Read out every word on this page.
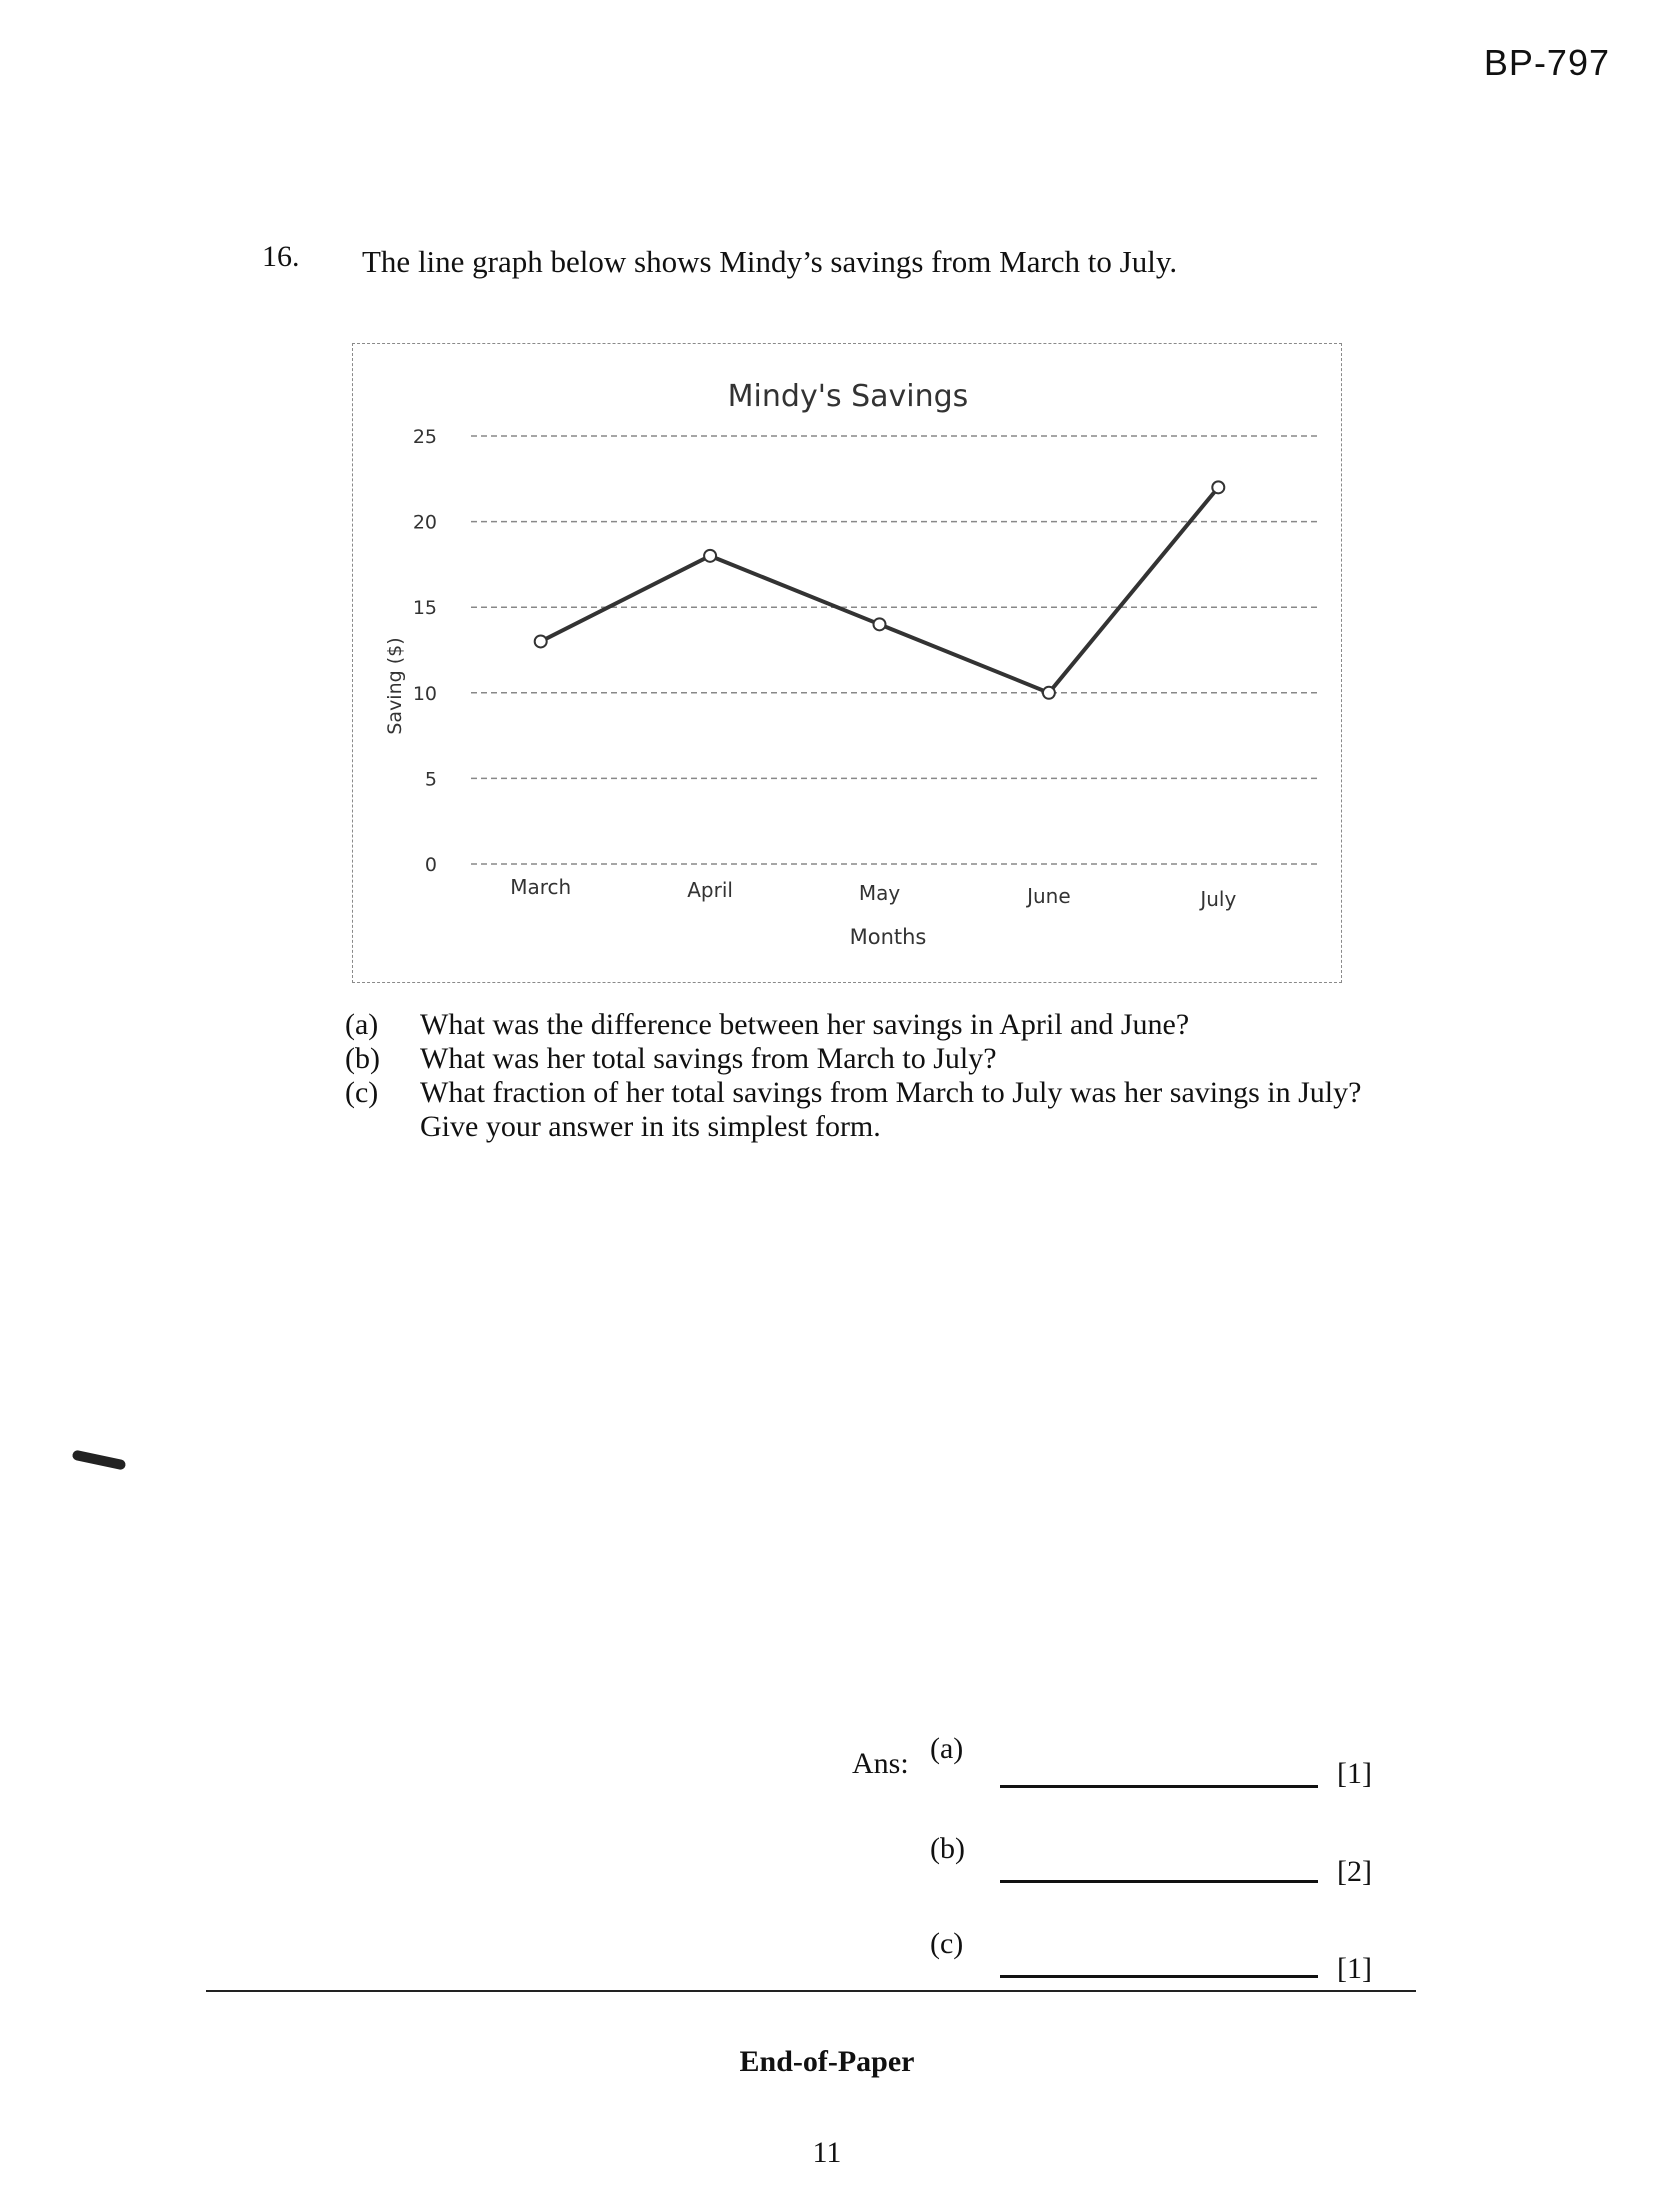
BP-797
16. The line graph below shows Mindy’s savings from March to July.
Mindy's Savings
0
5
10
15
20
25
Saving ($)
March	April	May	June	July
Months
(a) What was the difference between her savings in April and June?
(b) What was her total savings from March to July?
(c) What fraction of her total savings from March to July was her savings in July?
Give your answer in its simplest form.
Ans: (a)
[1]
(b)
[2]
(c)
[1]
End-of-Paper
11
